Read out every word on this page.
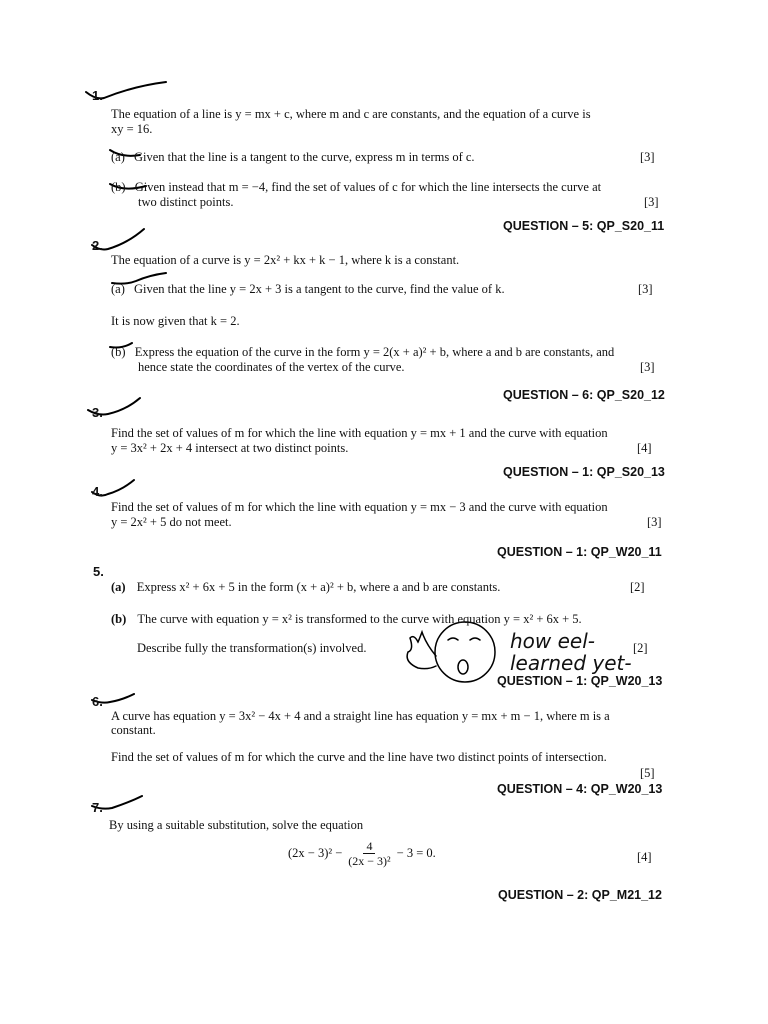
how eel-
learned yet-
1.
The equation of a line is y = mx + c, where m and c are constants, and the equation of a curve is
xy = 16.
(a) Given that the line is a tangent to the curve, express m in terms of c.	[3]
(b) Given instead that m = −4, find the set of values of c for which the line intersects the curve at
two distinct points.	[3]
QUESTION – 5: QP_S20_11
2.
The equation of a curve is y = 2x² + kx + k − 1, where k is a constant.
(a) Given that the line y = 2x + 3 is a tangent to the curve, find the value of k.	[3]
It is now given that k = 2.
(b) Express the equation of the curve in the form y = 2(x + a)² + b, where a and b are constants, and
hence state the coordinates of the vertex of the curve.	[3]
QUESTION – 6: QP_S20_12
3.
Find the set of values of m for which the line with equation y = mx + 1 and the curve with equation
y = 3x² + 2x + 4 intersect at two distinct points.	[4]
QUESTION – 1: QP_S20_13
4.
Find the set of values of m for which the line with equation y = mx − 3 and the curve with equation
y = 2x² + 5 do not meet.	[3]
QUESTION – 1: QP_W20_11
5.
(a) Express x² + 6x + 5 in the form (x + a)² + b, where a and b are constants.	[2]
(b) The curve with equation y = x² is transformed to the curve with equation y = x² + 6x + 5.
Describe fully the transformation(s) involved.	[2]
QUESTION – 1: QP_W20_13
6.
A curve has equation y = 3x² − 4x + 4 and a straight line has equation y = mx + m − 1, where m is a
constant.
Find the set of values of m for which the curve and the line have two distinct points of intersection.
[5]
QUESTION – 4: QP_W20_13
7.
By using a suitable substitution, solve the equation
$(2x - 3)^2 - \frac{4}{\text{(2x − 3)²}} - 3 = 0$.	[4]
QUESTION – 2: QP_M21_12
